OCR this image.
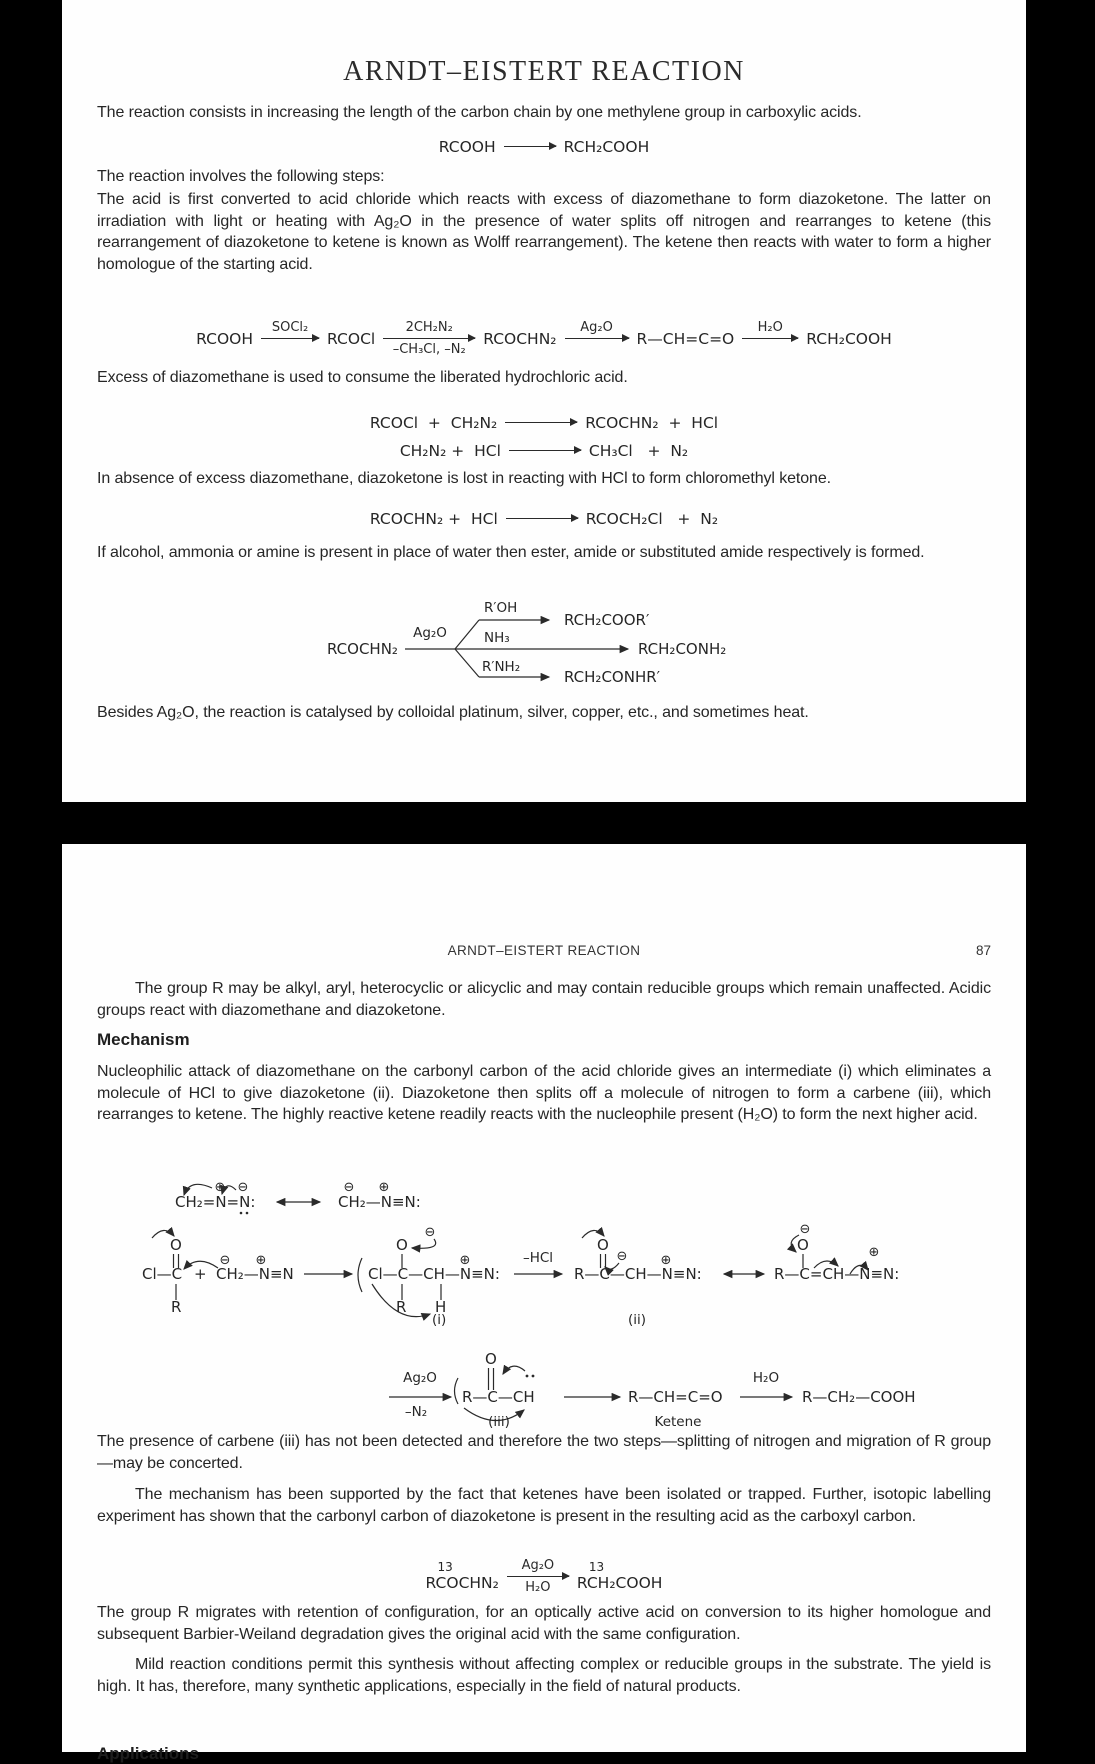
ARNDT–EISTERT REACTION
The reaction consists in increasing the length of the carbon chain by one methylene group in carboxylic acids.
RCOOH →
RCH₂COOH
The reaction involves the following steps:
The acid is first converted to acid chloride which reacts with excess of diazomethane to form diazoketone. The latter on irradiation with light or heating with Ag₂O in the presence of water splits off nitrogen and rearranges to ketene (this rearrangement of diazoketone to ketene is known as Wolff rearrangement). The ketene then reacts with water to form a higher homologue of the starting acid.
RCOOH
SOCl₂
RCOCl
2CH₂N₂
–CH₃Cl, –N₂
RCOCHN₂
Ag₂O
R—CH=C=O
H₂O
RCH₂COOH
Excess of diazomethane is used to consume the liberated hydrochloric acid.
RCOCl  +  CH₂N₂	RCOCHN₂  +  HCl
CH₂N₂ +  HCl	CH₃Cl   +  N₂
In absence of excess diazomethane, diazoketone is lost in reacting with HCl to form chloromethyl ketone.
RCOCHN₂ +  HCl	RCOCH₂Cl   +  N₂
If alcohol, ammonia or amine is present in place of water then ester, amide or substituted amide respectively is formed.
RCOCHN₂
Ag₂O
R′OH
RCH₂COOR′
NH₃
RCH₂CONH₂
R′NH₂
RCH₂CONHR′
Besides Ag₂O, the reaction is catalysed by colloidal platinum, silver, copper, etc., and sometimes heat.
ARNDT–EISTERT REACTION	87
The group R may be alkyl, aryl, heterocyclic or alicyclic and may contain reducible groups which remain unaffected. Acidic groups react with diazomethane and diazoketone.
Mechanism
Nucleophilic attack of diazomethane on the carbonyl carbon of the acid chloride gives an intermediate (i) which eliminates a molecule of HCl to give diazoketone (ii). Diazoketone then splits off a molecule of nitrogen to form a carbene (iii), which rearranges to ketene. The highly reactive ketene readily reacts with the nucleophile present (H₂O) to form the next higher acid.
CH₂=N=N:
⊕ ⊖
CH₂—N≡N:
⊖ ⊕
Cl—C
O
R
+ CH₂—N≡N
⊖ ⊕
Cl—C—CH—N≡N:
O
⊖
R H
⊕
(i)
–HCl
R—C—CH—N≡N:
O
⊖	⊕
(ii)
R—C=CH—N≡N:
O
⊖
⊕
Ag₂O
–N₂
R—C—CH
O
(iii)
R—CH=C=O
Ketene
H₂O
R—CH₂—COOH
The presence of carbene (iii) has not been detected and therefore the two steps—splitting of nitrogen and migration of R group—may be concerted.
The mechanism has been supported by the fact that ketenes have been isolated or trapped. Further, isotopic labelling experiment has shown that the carbonyl carbon of diazoketone is present in the resulting acid as the carboxyl carbon.
13
RCOCHN₂
Ag₂O
H₂O
13
RCH₂COOH
The group R migrates with retention of configuration, for an optically active acid on conversion to its higher homologue and subsequent Barbier-Weiland degradation gives the original acid with the same configuration.
Mild reaction conditions permit this synthesis without affecting complex or reducible groups in the substrate. The yield is high. It has, therefore, many synthetic applications, especially in the field of natural products.
Applications
